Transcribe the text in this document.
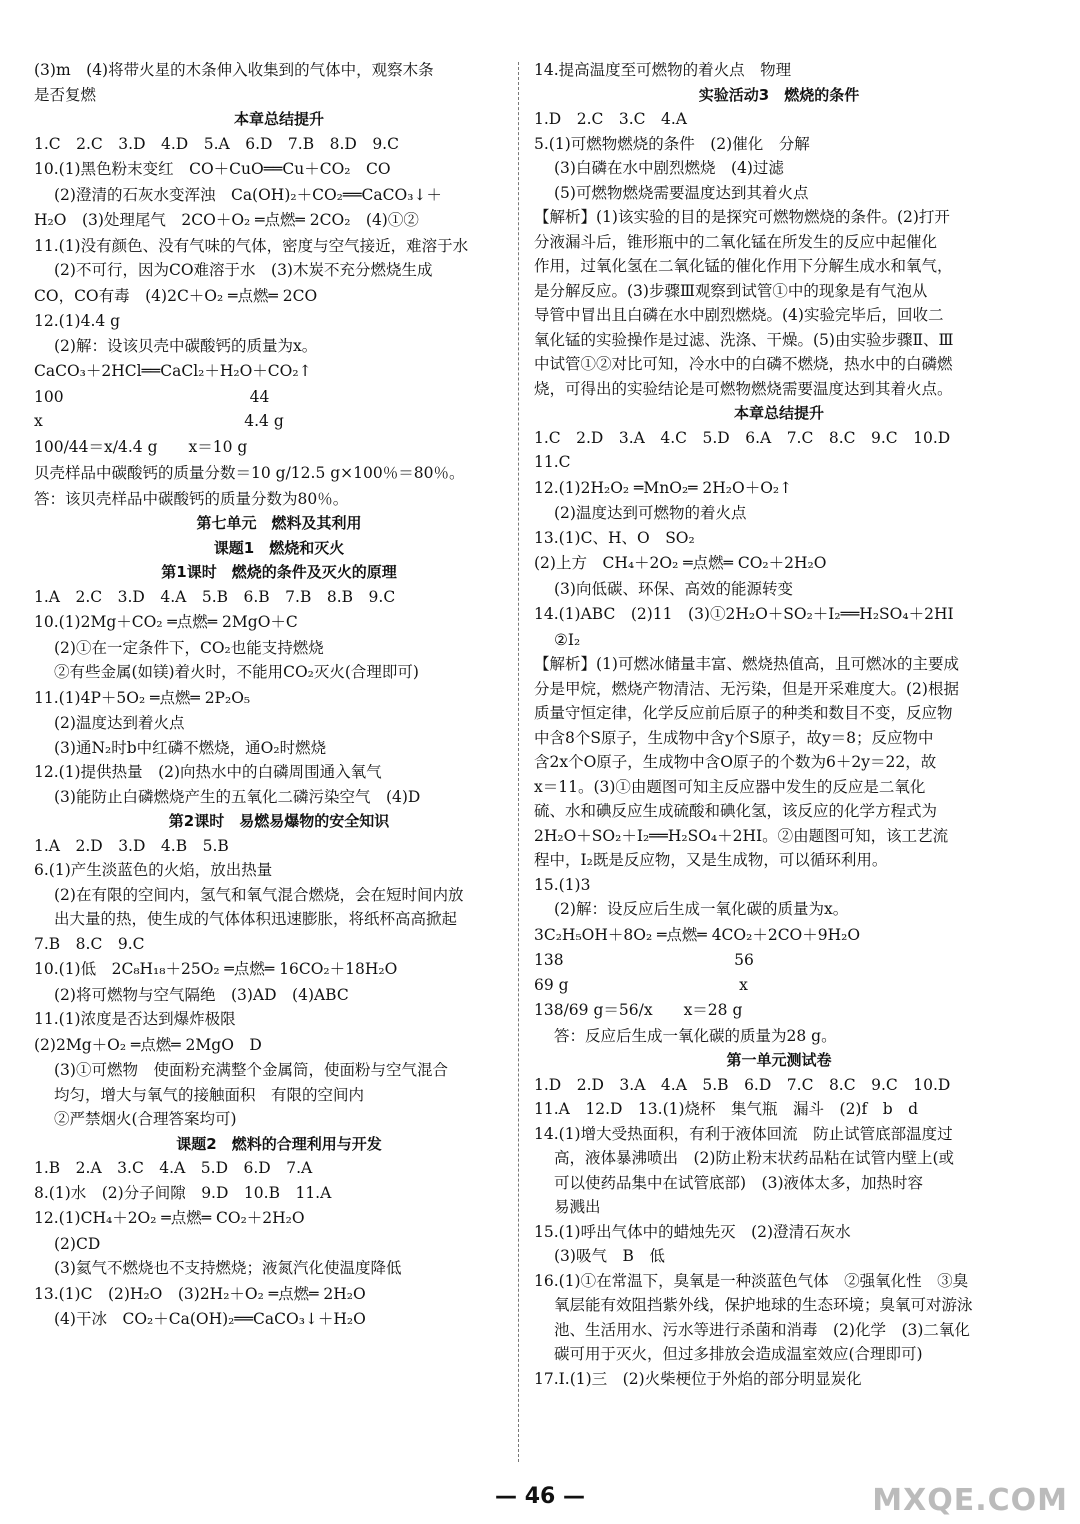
(3)m　(4)将带火星的木条伸入收集到的气体中，观察木条
是否复燃
本章总结提升
1.C　2.C　3.D　4.D　5.A　6.D　7.B　8.D　9.C
10.(1)黑色粉末变红　CO＋CuO══Cu＋CO₂　CO
(2)澄清的石灰水变浑浊　Ca(OH)₂＋CO₂══CaCO₃↓＋
H₂O　(3)处理尾气　2CO＋O₂ ═点燃═ 2CO₂　(4)①②
11.(1)没有颜色、没有气味的气体，密度与空气接近，难溶于水
(2)不可行，因为CO难溶于水　(3)木炭不充分燃烧生成
CO，CO有毒　(4)2C＋O₂ ═点燃═ 2CO
12.(1)4.4 g
(2)解：设该贝壳中碳酸钙的质量为x。
CaCO₃＋2HCl══CaCl₂＋H₂O＋CO₂↑
100　　　　　　　　　　　　44
x　　　　　　　　　　　　　4.4 g
100/44＝x/4.4 g　　x＝10 g
贝壳样品中碳酸钙的质量分数＝10 g/12.5 g×100％＝80％。
答：该贝壳样品中碳酸钙的质量分数为80％。
第七单元　燃料及其利用
课题1　燃烧和灭火
第1课时　燃烧的条件及灭火的原理
1.A　2.C　3.D　4.A　5.B　6.B　7.B　8.B　9.C
10.(1)2Mg＋CO₂ ═点燃═ 2MgO＋C
(2)①在一定条件下，CO₂也能支持燃烧
②有些金属(如镁)着火时，不能用CO₂灭火(合理即可)
11.(1)4P＋5O₂ ═点燃═ 2P₂O₅
(2)温度达到着火点
(3)通N₂时b中红磷不燃烧，通O₂时燃烧
12.(1)提供热量　(2)向热水中的白磷周围通入氧气
(3)能防止白磷燃烧产生的五氧化二磷污染空气　(4)D
第2课时　易燃易爆物的安全知识
1.A　2.D　3.D　4.B　5.B
6.(1)产生淡蓝色的火焰，放出热量
(2)在有限的空间内，氢气和氧气混合燃烧，会在短时间内放
出大量的热，使生成的气体体积迅速膨胀，将纸杯高高掀起
7.B　8.C　9.C
10.(1)低　2C₈H₁₈＋25O₂ ═点燃═ 16CO₂＋18H₂O
(2)将可燃物与空气隔绝　(3)AD　(4)ABC
11.(1)浓度是否达到爆炸极限
(2)2Mg＋O₂ ═点燃═ 2MgO　D
(3)①可燃物　使面粉充满整个金属筒，使面粉与空气混合
均匀，增大与氧气的接触面积　有限的空间内
②严禁烟火(合理答案均可)
课题2　燃料的合理利用与开发
1.B　2.A　3.C　4.A　5.D　6.D　7.A
8.(1)水　(2)分子间隙　9.D　10.B　11.A
12.(1)CH₄＋2O₂ ═点燃═ CO₂＋2H₂O
(2)CD
(3)氦气不燃烧也不支持燃烧；液氮汽化使温度降低
13.(1)C　(2)H₂O　(3)2H₂＋O₂ ═点燃═ 2H₂O
(4)干冰　CO₂＋Ca(OH)₂══CaCO₃↓＋H₂O
14.提高温度至可燃物的着火点　物理
实验活动3　燃烧的条件
1.D　2.C　3.C　4.A
5.(1)可燃物燃烧的条件　(2)催化　分解
(3)白磷在水中剧烈燃烧　(4)过滤
(5)可燃物燃烧需要温度达到其着火点
【解析】(1)该实验的目的是探究可燃物燃烧的条件。(2)打开
分液漏斗后，锥形瓶中的二氧化锰在所发生的反应中起催化
作用，过氧化氢在二氧化锰的催化作用下分解生成水和氧气，
是分解反应。(3)步骤Ⅲ观察到试管①中的现象是有气泡从
导管中冒出且白磷在水中剧烈燃烧。(4)实验完毕后，回收二
氧化锰的实验操作是过滤、洗涤、干燥。(5)由实验步骤Ⅱ、Ⅲ
中试管①②对比可知，冷水中的白磷不燃烧，热水中的白磷燃
烧，可得出的实验结论是可燃物燃烧需要温度达到其着火点。
本章总结提升
1.C　2.D　3.A　4.C　5.D　6.A　7.C　8.C　9.C　10.D
11.C
12.(1)2H₂O₂ ═MnO₂═ 2H₂O＋O₂↑
(2)温度达到可燃物的着火点
13.(1)C、H、O　SO₂
(2)上方　CH₄＋2O₂ ═点燃═ CO₂＋2H₂O
(3)向低碳、环保、高效的能源转变
14.(1)ABC　(2)11　(3)①2H₂O＋SO₂＋I₂══H₂SO₄＋2HI
②I₂
【解析】(1)可燃冰储量丰富、燃烧热值高，且可燃冰的主要成
分是甲烷，燃烧产物清洁、无污染，但是开采难度大。(2)根据
质量守恒定律，化学反应前后原子的种类和数目不变，反应物
中含8个S原子，生成物中含y个S原子，故y＝8；反应物中
含2x个O原子，生成物中含O原子的个数为6＋2y＝22，故
x＝11。(3)①由题图可知主反应器中发生的反应是二氧化
硫、水和碘反应生成硫酸和碘化氢，该反应的化学方程式为
2H₂O＋SO₂＋I₂══H₂SO₄＋2HI。②由题图可知，该工艺流
程中，I₂既是反应物，又是生成物，可以循环利用。
15.(1)3
(2)解：设反应后生成一氧化碳的质量为x。
3C₂H₅OH＋8O₂ ═点燃═ 4CO₂＋2CO＋9H₂O
138　　　　　　　　　　　56
69 g　　　　　　　　　　　x
138/69 g＝56/x　　x＝28 g
答：反应后生成一氧化碳的质量为28 g。
第一单元测试卷
1.D　2.D　3.A　4.A　5.B　6.D　7.C　8.C　9.C　10.D
11.A　12.D　13.(1)烧杯　集气瓶　漏斗　(2)f　b　d
14.(1)增大受热面积，有利于液体回流　防止试管底部温度过
高，液体暴沸喷出　(2)防止粉末状药品粘在试管内壁上(或
可以使药品集中在试管底部)　(3)液体太多，加热时容
易溅出
15.(1)呼出气体中的蜡烛先灭　(2)澄清石灰水
(3)吸气　B　低
16.(1)①在常温下，臭氧是一种淡蓝色气体　②强氧化性　③臭
氧层能有效阻挡紫外线，保护地球的生态环境；臭氧可对游泳
池、生活用水、污水等进行杀菌和消毒　(2)化学　(3)二氧化
碳可用于灭火，但过多排放会造成温室效应(合理即可)
17.Ⅰ.(1)三　(2)火柴梗位于外焰的部分明显炭化
— 46 —	MXQE.COM
